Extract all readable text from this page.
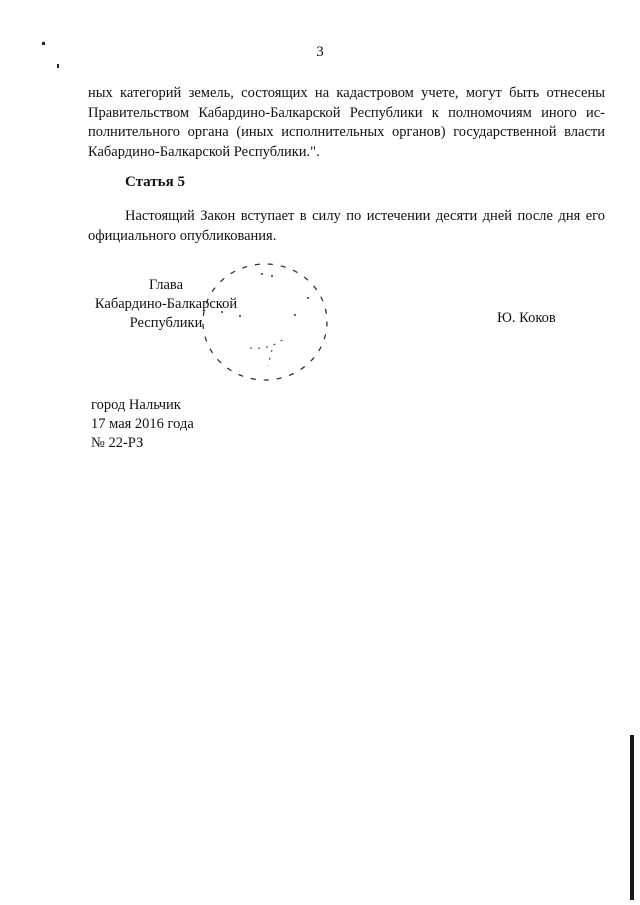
3
ных категорий земель, состоящих на кадастровом учете, могут быть отнесены
Правительством Кабардино-Балкарской Республики к полномочиям иного ис-
полнительного органа (иных исполнительных органов) государственной власти
Кабардино-Балкарской Республики.".
Статья 5
Настоящий Закон вступает в силу по истечении десяти дней после дня его
официального опубликования.
Глава
Кабардино-Балкарской
Республики	Ю. Коков
город Нальчик
17 мая 2016 года
№ 22-РЗ
